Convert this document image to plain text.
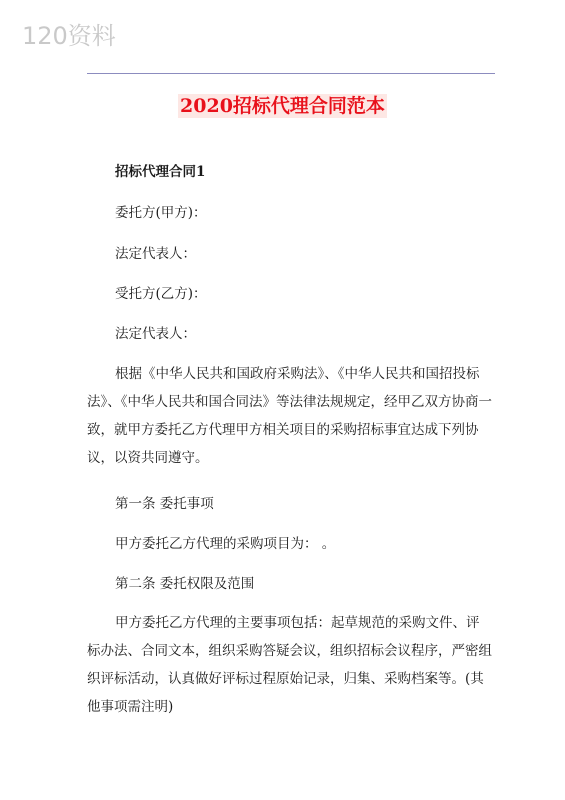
120资料
2020招标代理合同范本

招标代理合同1

委托方(甲方)：

法定代表人：

受托方(乙方)：

法定代表人：

根据《中华人民共和国政府采购法》、《中华人民共和国招投标法》、《中华人民共和国合同法》等法律法规规定，经甲乙双方协商一致，就甲方委托乙方代理甲方相关项目的采购招标事宜达成下列协议，以资共同遵守。

第一条 委托事项

甲方委托乙方代理的采购项目为： 。

第二条 委托权限及范围

甲方委托乙方代理的主要事项包括：起草规范的采购文件、评标办法、合同文本，组织采购答疑会议，组织招标会议程序，严密组织评标活动，认真做好评标过程原始记录，归集、采购档案等。(其他事项需注明)
